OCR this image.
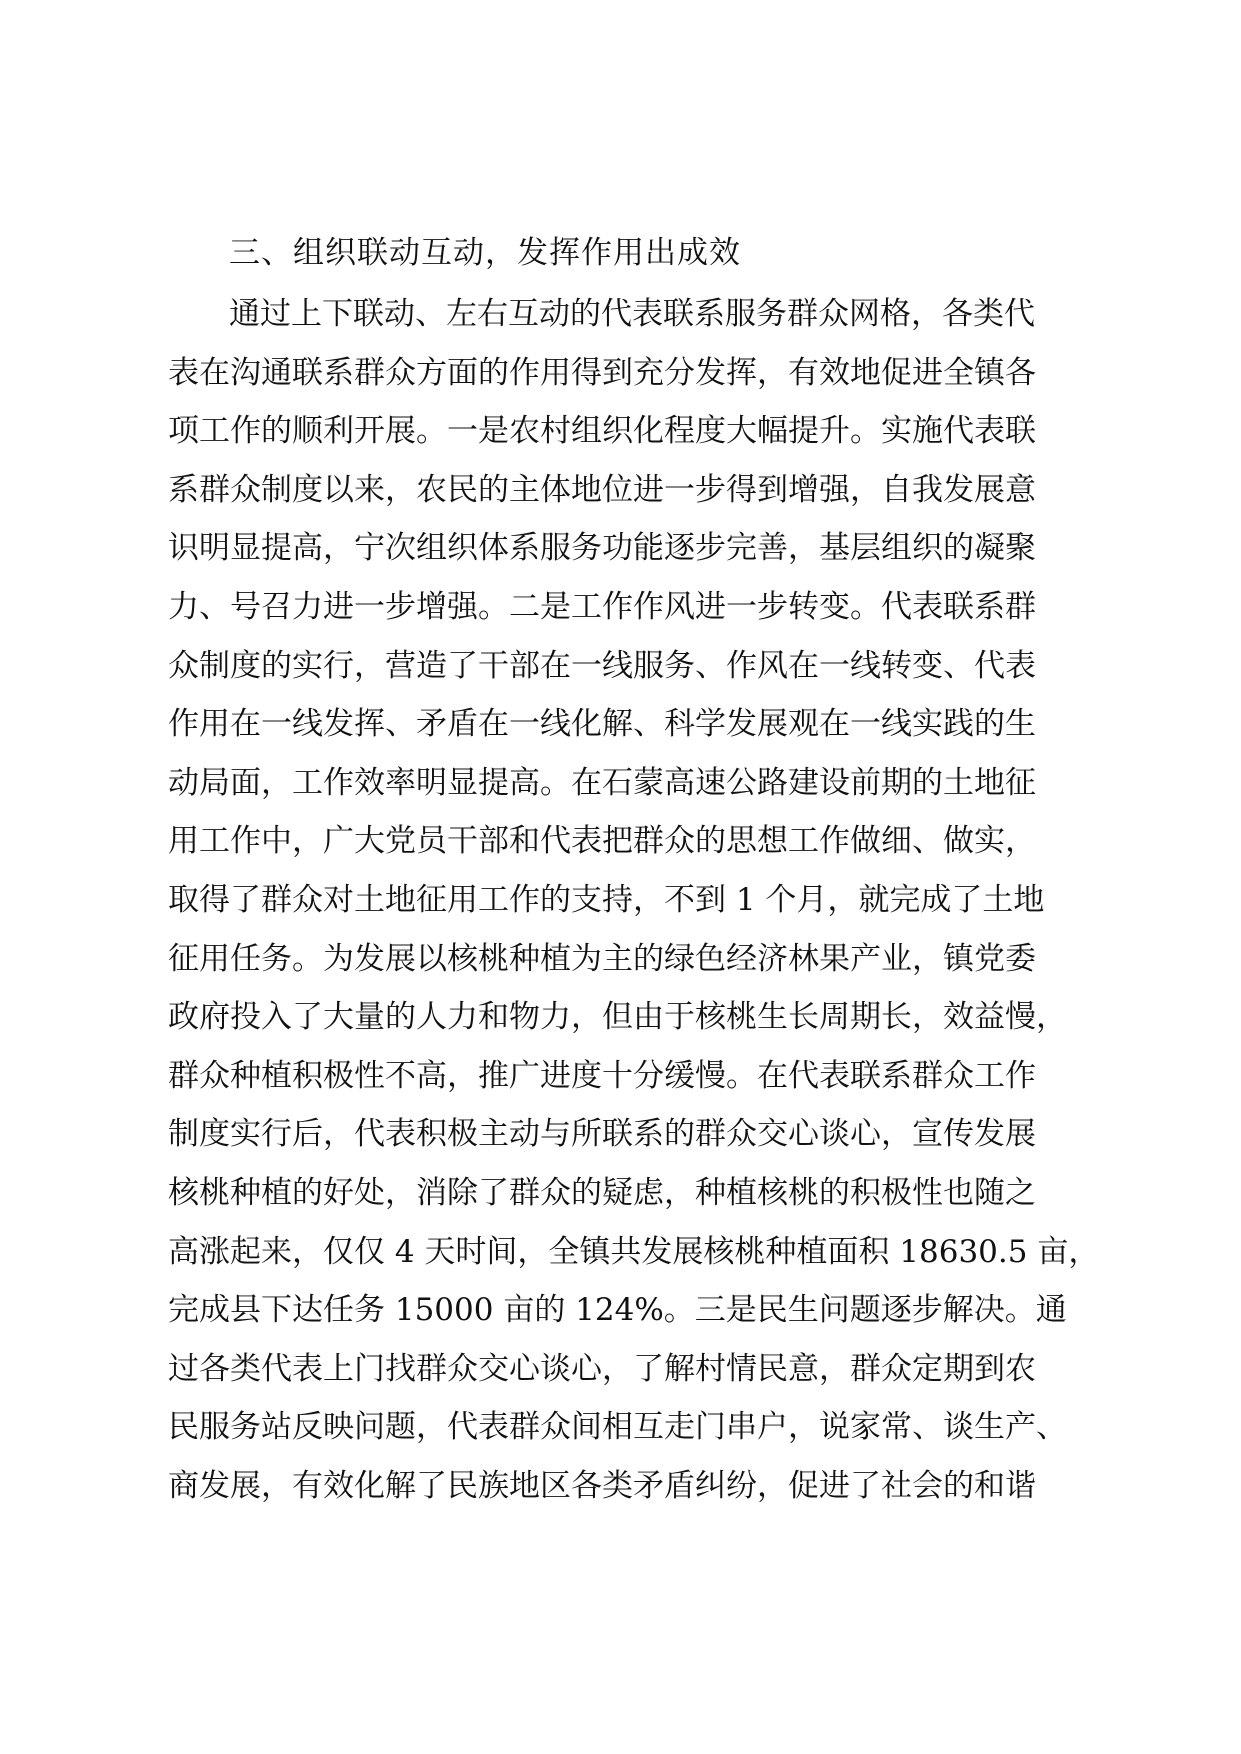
三、组织联动互动，发挥作用出成效
通过上下联动、左右互动的代表联系服务群众网格，各类代
表在沟通联系群众方面的作用得到充分发挥，有效地促进全镇各
项工作的顺利开展。一是农村组织化程度大幅提升。实施代表联
系群众制度以来，农民的主体地位进一步得到增强，自我发展意
识明显提高，宁次组织体系服务功能逐步完善，基层组织的凝聚
力、号召力进一步增强。二是工作作风进一步转变。代表联系群
众制度的实行，营造了干部在一线服务、作风在一线转变、代表
作用在一线发挥、矛盾在一线化解、科学发展观在一线实践的生
动局面，工作效率明显提高。在石蒙高速公路建设前期的土地征
用工作中，广大党员干部和代表把群众的思想工作做细、做实，
取得了群众对土地征用工作的支持，不到 1 个月，就完成了土地
征用任务。为发展以核桃种植为主的绿色经济林果产业，镇党委
政府投入了大量的人力和物力，但由于核桃生长周期长，效益慢，
群众种植积极性不高，推广进度十分缓慢。在代表联系群众工作
制度实行后，代表积极主动与所联系的群众交心谈心，宣传发展
核桃种植的好处，消除了群众的疑虑，种植核桃的积极性也随之
高涨起来，仅仅 4 天时间，全镇共发展核桃种植面积 18630.5 亩，
完成县下达任务 15000 亩的 124%。三是民生问题逐步解决。通
过各类代表上门找群众交心谈心，了解村情民意，群众定期到农
民服务站反映问题，代表群众间相互走门串户，说家常、谈生产、
商发展，有效化解了民族地区各类矛盾纠纷，促进了社会的和谐
